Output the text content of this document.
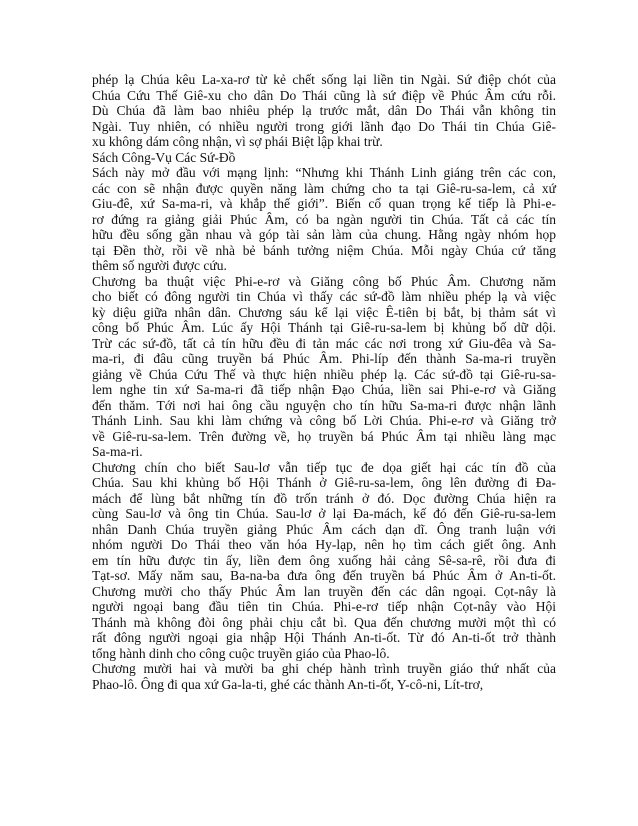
phép lạ Chúa kêu La-xa-rơ từ kẻ chết sống lại liền tin Ngài. Sứ điệp chót của
Chúa Cứu Thế Giê-xu cho dân Do Thái cũng là sứ điệp về Phúc Âm cứu rỗi.
Dù Chúa đã làm bao nhiêu phép lạ trước mắt, dân Do Thái vẫn không tin
Ngài. Tuy nhiên, có nhiều người trong giới lãnh đạo Do Thái tin Chúa Giê-
xu không dám công nhận, vì sợ phái Biệt lập khai trừ.
Sách Công-Vụ Các Sứ-Đồ
Sách này mở đầu với mạng lịnh: “Nhưng khi Thánh Linh giáng trên các con,
các con sẽ nhận được quyền năng làm chứng cho ta tại Giê-ru-sa-lem, cả xứ
Giu-đê, xứ Sa-ma-ri, và khắp thế giới”. Biến cố quan trọng kế tiếp là Phi-e-
rơ đứng ra giảng giải Phúc Âm, có ba ngàn người tin Chúa. Tất cả các tín
hữu đều sống gần nhau và góp tài sản làm của chung. Hằng ngày nhóm họp
tại Đền thờ, rồi về nhà bẻ bánh tưởng niệm Chúa. Mỗi ngày Chúa cứ tăng
thêm số người được cứu.
Chương ba thuật việc Phi-e-rơ và Giăng công bố Phúc Âm. Chương năm
cho biết có đông người tin Chúa vì thấy các sứ-đồ làm nhiều phép lạ và việc
kỳ diệu giữa nhân dân. Chương sáu kể lại việc Ê-tiên bị bắt, bị thảm sát vì
công bố Phúc Âm. Lúc ấy Hội Thánh tại Giê-ru-sa-lem bị khủng bố dữ dội.
Trừ các sứ-đồ, tất cả tín hữu đều đi tản mác các nơi trong xứ Giu-đêa và Sa-
ma-ri, đi đâu cũng truyền bá Phúc Âm. Phi-líp đến thành Sa-ma-ri truyền
giảng về Chúa Cứu Thế và thực hiện nhiều phép lạ. Các sứ-đồ tại Giê-ru-sa-
lem nghe tin xứ Sa-ma-ri đã tiếp nhận Đạo Chúa, liền sai Phi-e-rơ và Giăng
đến thăm. Tới nơi hai ông cầu nguyện cho tín hữu Sa-ma-ri được nhận lãnh
Thánh Linh. Sau khi làm chứng và công bố Lời Chúa. Phi-e-rơ và Giăng trở
về Giê-ru-sa-lem. Trên đường về, họ truyền bá Phúc Âm tại nhiều làng mạc
Sa-ma-ri.
Chương chín cho biết Sau-lơ vẫn tiếp tục đe dọa giết hại các tín đồ của
Chúa. Sau khi khủng bố Hội Thánh ở Giê-ru-sa-lem, ông lên đường đi Đa-
mách để lùng bắt những tín đồ trốn tránh ở đó. Dọc đường Chúa hiện ra
cùng Sau-lơ và ông tin Chúa. Sau-lơ ở lại Đa-mách, kế đó đến Giê-ru-sa-lem
nhân Danh Chúa truyền giảng Phúc Âm cách dạn dĩ. Ông tranh luận với
nhóm người Do Thái theo văn hóa Hy-lạp, nên họ tìm cách giết ông. Anh
em tín hữu được tin ấy, liền đem ông xuống hải cảng Sê-sa-rê, rồi đưa đi
Tạt-sơ. Mấy năm sau, Ba-na-ba đưa ông đến truyền bá Phúc Âm ở An-ti-ốt.
Chương mười cho thấy Phúc Âm lan truyền đến các dân ngoại. Cọt-nây là
người ngoại bang đầu tiên tin Chúa. Phi-e-rơ tiếp nhận Cọt-nây vào Hội
Thánh mà không đòi ông phải chịu cắt bì. Qua đến chương mười một thì có
rất đông người ngoại gia nhập Hội Thánh An-ti-ốt. Từ đó An-ti-ốt trở thành
tổng hành dinh cho công cuộc truyền giáo của Phao-lô.
Chương mười hai và mười ba ghi chép hành trình truyền giáo thứ nhất của
Phao-lô. Ông đi qua xứ Ga-la-ti, ghé các thành An-ti-ốt, Y-cô-ni, Lít-trơ,
